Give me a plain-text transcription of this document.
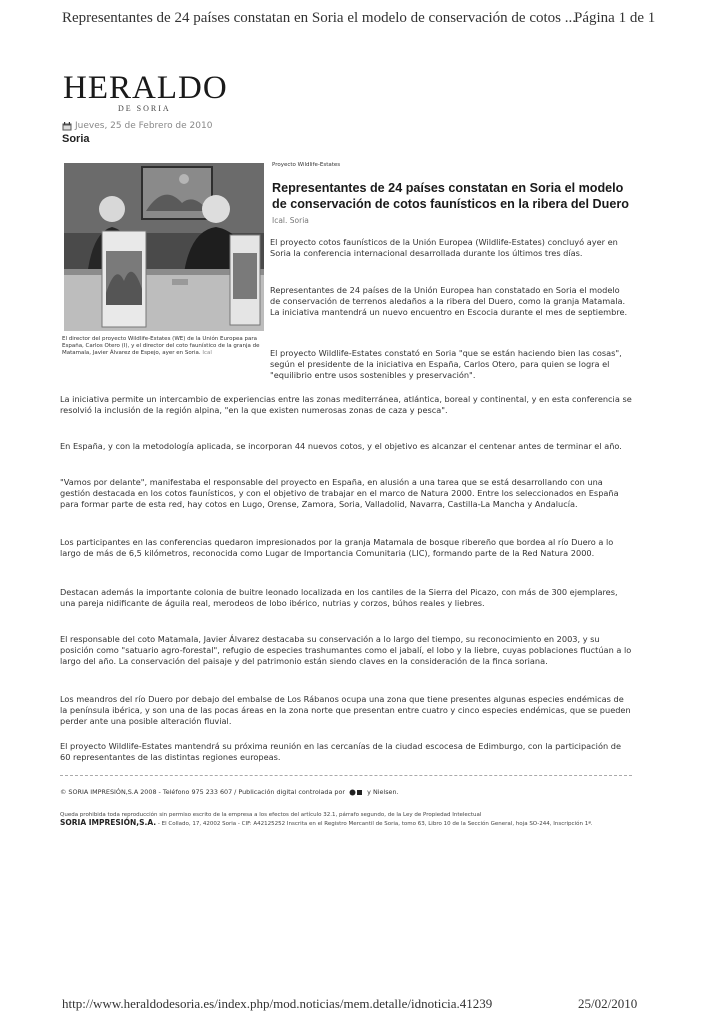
Representantes de 24 países constatan en Soria el modelo de conservación de cotos ...
Página 1 de 1
HERALDO
DE SORIA
Jueves, 25 de Febrero de 2010
Soria
El director del proyecto Wildlife-Estates (WE) de la Unión Europea para España, Carlos Otero (I), y el director del coto faunístico de la granja de Matamala, Javier Álvarez de Espejo, ayer en Soria. Ical
Proyecto Wildlife-Estates
Representantes de 24 países constatan en Soria el modelo de conservación de cotos faunísticos en la ribera del Duero
Ical. Soria

El proyecto cotos faunísticos de la Unión Europea (Wildlife-Estates) concluyó ayer en Soria la conferencia internacional desarrollada durante los últimos tres días.

Representantes de 24 países de la Unión Europea han constatado en Soria el modelo de conservación de terrenos aledaños a la ribera del Duero, como la granja Matamala. La iniciativa mantendrá un nuevo encuentro en Escocia durante el mes de septiembre.

El proyecto Wildlife-Estates constató en Soria "que se están haciendo bien las cosas", según el presidente de la iniciativa en España, Carlos Otero, para quien se logra el "equilibrio entre usos sostenibles y preservación".

La iniciativa permite un intercambio de experiencias entre las zonas mediterránea, atlántica, boreal y continental, y en esta conferencia se resolvió la inclusión de la región alpina, "en la que existen numerosas zonas de caza y pesca".

En España, y con la metodología aplicada, se incorporan 44 nuevos cotos, y el objetivo es alcanzar el centenar antes de terminar el año.

"Vamos por delante", manifestaba el responsable del proyecto en España, en alusión a una tarea que se está desarrollando con una gestión destacada en los cotos faunísticos, y con el objetivo de trabajar en el marco de Natura 2000. Entre los seleccionados en España para formar parte de esta red, hay cotos en Lugo, Orense, Zamora, Soria, Valladolid, Navarra, Castilla-La Mancha y Andalucía.

Los participantes en las conferencias quedaron impresionados por la granja Matamala de bosque ribereño que bordea al río Duero a lo largo de más de 6,5 kilómetros, reconocida como Lugar de Importancia Comunitaria (LIC), formando parte de la Red Natura 2000.

Destacan además la importante colonia de buitre leonado localizada en los cantiles de la Sierra del Picazo, con más de 300 ejemplares, una pareja nidificante de águila real, merodeos de lobo ibérico, nutrias y corzos, búhos reales y liebres.

El responsable del coto Matamala, Javier Álvarez destacaba su conservación a lo largo del tiempo, su reconocimiento en 2003, y su posición como "satuario agro-forestal", refugio de especies trashumantes como el jabalí, el lobo y la liebre, cuyas poblaciones fluctúan a lo largo del año. La conservación del paisaje y del patrimonio están siendo claves en la consideración de la finca soriana.

Los meandros del río Duero por debajo del embalse de Los Rábanos ocupa una zona que tiene presentes algunas especies endémicas de la península ibérica, y son una de las pocas áreas en la zona norte que presentan entre cuatro y cinco especies endémicas, que se pueden perder ante una posible alteración fluvial.

El proyecto Wildlife-Estates mantendrá su próxima reunión en las cercanías de la ciudad escocesa de Edimburgo, con la participación de 60 representantes de las distintas regiones europeas.

© SORIA IMPRESIÓN,S.A 2008 - Teléfono 975 233 607 / Publicación digital controlada por	y Nielsen.
Queda prohibida toda reproducción sin permiso escrito de la empresa a los efectos del artículo 32.1, párrafo segundo, de la Ley de Propiedad Intelectual
SORIA IMPRESIÓN,S.A. - El Collado, 17, 42002 Soria - CIF: A42125252 Inscrita en el Registro Mercantil de Soria, tomo 63, Libro 10 de la Sección General, hoja SO-244, Inscripción 1ª.
http://www.heraldodesoria.es/index.php/mod.noticias/mem.detalle/idnoticia.41239	25/02/2010
